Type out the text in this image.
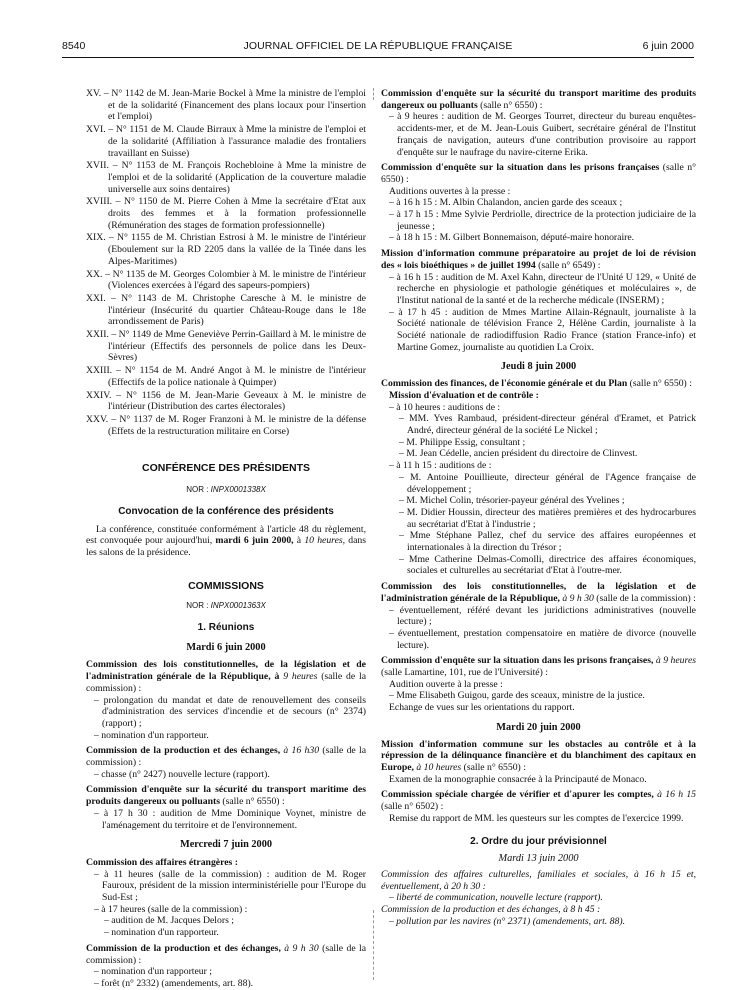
8540	JOURNAL OFFICIEL DE LA RÉPUBLIQUE FRANÇAISE	6 juin 2000

XV. – N° 1142 de M. Jean-Marie Bockel à Mme la ministre de l'emploi et de la solidarité (Financement des plans locaux pour l'insertion et l'emploi)

XVI. – N° 1151 de M. Claude Birraux à Mme la ministre de l'emploi et de la solidarité (Affiliation à l'assurance maladie des frontaliers travaillant en Suisse)

XVII. – N° 1153 de M. François Rochebloine à Mme la ministre de l'emploi et de la solidarité (Application de la couverture maladie universelle aux soins dentaires)

XVIII. – N° 1150 de M. Pierre Cohen à Mme la secrétaire d'Etat aux droits des femmes et à la formation professionnelle (Rémunération des stages de formation professionnelle)

XIX. – N° 1155 de M. Christian Estrosi à M. le ministre de l'intérieur (Eboulement sur la RD 2205 dans la vallée de la Tinée dans les Alpes-Maritimes)

XX. – N° 1135 de M. Georges Colombier à M. le ministre de l'intérieur (Violences exercées à l'égard des sapeurs-pompiers)

XXI. – N° 1143 de M. Christophe Caresche à M. le ministre de l'intérieur (Insécurité du quartier Château-Rouge dans le 18e arrondissement de Paris)

XXII. – N° 1149 de Mme Geneviève Perrin-Gaillard à M. le ministre de l'intérieur (Effectifs des personnels de police dans les Deux-Sèvres)

XXIII. – N° 1154 de M. André Angot à M. le ministre de l'intérieur (Effectifs de la police nationale à Quimper)

XXIV. – N° 1156 de M. Jean-Marie Geveaux à M. le ministre de l'intérieur (Distribution des cartes électorales)

XXV. – N° 1137 de M. Roger Franzoni à M. le ministre de la défense (Effets de la restructuration militaire en Corse)

CONFÉRENCE DES PRÉSIDENTS

NOR : INPX0001338X

Convocation de la conférence des présidents

La conférence, constituée conformément à l'article 48 du règlement, est convoquée pour aujourd'hui, mardi 6 juin 2000, à 10 heures, dans les salons de la présidence.

COMMISSIONS

NOR : INPX0001363X

1. Réunions

Mardi 6 juin 2000

Commission des lois constitutionnelles, de la législation et de l'administration générale de la République, à 9 heures (salle de la commission) :

– prolongation du mandat et date de renouvellement des conseils d'administration des services d'incendie et de secours (n° 2374) (rapport) ;

– nomination d'un rapporteur.

Commission de la production et des échanges, à 16 h30 (salle de la commission) :

– chasse (n° 2427) nouvelle lecture (rapport).

Commission d'enquête sur la sécurité du transport maritime des produits dangereux ou polluants (salle n° 6550) :

– à 17 h 30 : audition de Mme Dominique Voynet, ministre de l'aménagement du territoire et de l'environnement.

Mercredi 7 juin 2000

Commission des affaires étrangères :

– à 11 heures (salle de la commission) : audition de M. Roger Fauroux, président de la mission interministérielle pour l'Europe du Sud-Est ;

– à 17 heures (salle de la commission) :

– audition de M. Jacques Delors ;

– nomination d'un rapporteur.

Commission de la production et des échanges, à 9 h 30 (salle de la commission) :

– nomination d'un rapporteur ;

– forêt (n° 2332) (amendements, art. 88).

Commission d'enquête sur la sécurité du transport maritime des produits dangereux ou polluants (salle n° 6550) :

– à 9 heures : audition de M. Georges Tourret, directeur du bureau enquêtes-accidents-mer, et de M. Jean-Louis Guibert, secrétaire général de l'Institut français de navigation, auteurs d'une contribution provisoire au rapport d'enquête sur le naufrage du navire-citerne Erika.

Commission d'enquête sur la situation dans les prisons françaises (salle n° 6550) :

Auditions ouvertes à la presse :

– à 16 h 15 : M. Albin Chalandon, ancien garde des sceaux ;

– à 17 h 15 : Mme Sylvie Perdriolle, directrice de la protection judiciaire de la jeunesse ;

– à 18 h 15 : M. Gilbert Bonnemaison, député-maire honoraire.

Mission d'information commune préparatoire au projet de loi de révision des « lois bioéthiques » de juillet 1994 (salle n° 6549) :

– à 16 h 15 : audition de M. Axel Kahn, directeur de l'Unité U 129, « Unité de recherche en physiologie et pathologie génétiques et moléculaires », de l'Institut national de la santé et de la recherche médicale (INSERM) ;

– à 17 h 45 : audition de Mmes Martine Allain-Régnault, journaliste à la Société nationale de télévision France 2, Hélène Cardin, journaliste à la Société nationale de radiodiffusion Radio France (station France-info) et Martine Gomez, journaliste au quotidien La Croix.

Jeudi 8 juin 2000

Commission des finances, de l'économie générale et du Plan (salle n° 6550) :

Mission d'évaluation et de contrôle :

– à 10 heures : auditions de :

– MM. Yves Rambaud, président-directeur général d'Eramet, et Patrick André, directeur général de la société Le Nickel ;

– M. Philippe Essig, consultant ;

– M. Jean Cédelle, ancien président du directoire de Clinvest.

– à 11 h 15 : auditions de :

– M. Antoine Pouillieute, directeur général de l'Agence française de développement ;

– M. Michel Colin, trésorier-payeur général des Yvelines ;

– M. Didier Houssin, directeur des matières premières et des hydrocarbures au secrétariat d'Etat à l'industrie ;

– Mme Stéphane Pallez, chef du service des affaires européennes et internationales à la direction du Trésor ;

– Mme Catherine Delmas-Comolli, directrice des affaires économiques, sociales et culturelles au secrétariat d'Etat à l'outre-mer.

Commission des lois constitutionnelles, de la législation et de l'administration générale de la République, à 9 h 30 (salle de la commission) :

– éventuellement, référé devant les juridictions administratives (nouvelle lecture) ;

– éventuellement, prestation compensatoire en matière de divorce (nouvelle lecture).

Commission d'enquête sur la situation dans les prisons françaises, à 9 heures (salle Lamartine, 101, rue de l'Université) :

Audition ouverte à la presse :

– Mme Elisabeth Guigou, garde des sceaux, ministre de la justice.

Echange de vues sur les orientations du rapport.

Mardi 20 juin 2000

Mission d'information commune sur les obstacles au contrôle et à la répression de la délinquance financière et du blanchiment des capitaux en Europe, à 10 heures (salle n° 6550) :

Examen de la monographie consacrée à la Principauté de Monaco.

Commission spéciale chargée de vérifier et d'apurer les comptes, à 16 h 15 (salle n° 6502) :

Remise du rapport de MM. les questeurs sur les comptes de l'exercice 1999.

2. Ordre du jour prévisionnel

Mardi 13 juin 2000

Commission des affaires culturelles, familiales et sociales, à 16 h 15 et, éventuellement, à 20 h 30 :

– liberté de communication, nouvelle lecture (rapport).

Commission de la production et des échanges, à 8 h 45 :

– pollution par les navires (n° 2371) (amendements, art. 88).
